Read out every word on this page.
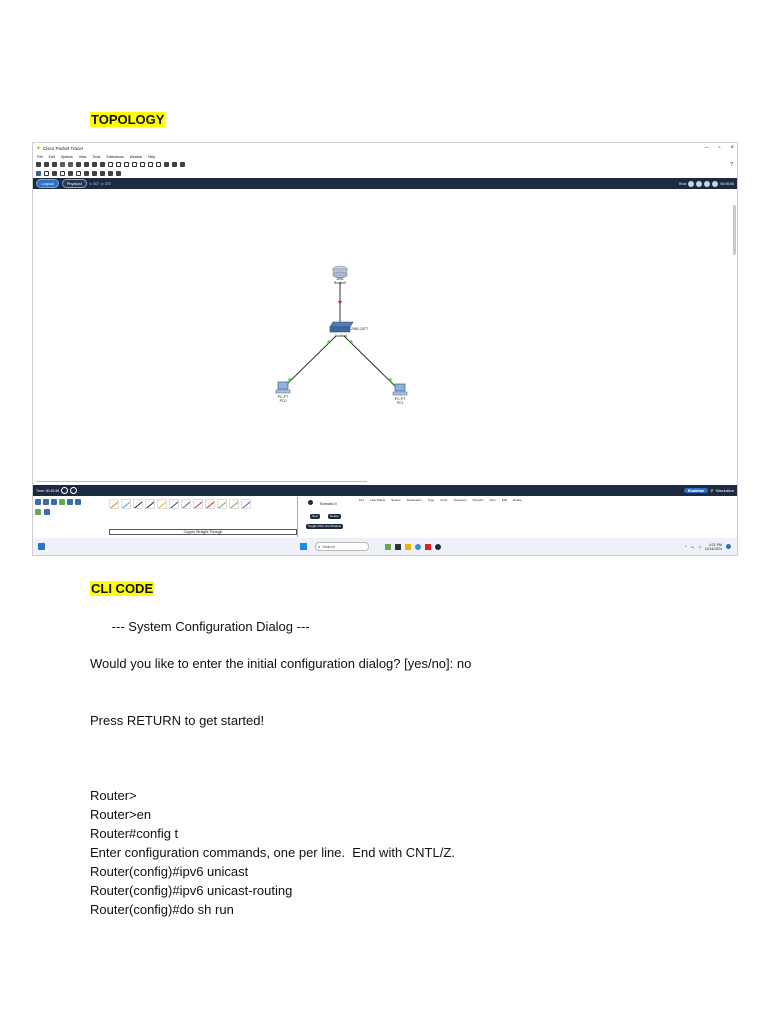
TOPOLOGY
✦ Cisco Packet Tracer	– ▫ ×
File Edit Options View Tools Extensions Window Help
?
Logical	Physical	x: 307, y: 370	Root	00:40:50
1941
Router0
2960-24TT
Switch0
PC-PT
PC0	PC-PT
PC1
Time: 00:10:56	Realtime	⚲ Simulation
Copper Straight-Through
Scenario 0
New	Delete
Toggle PDU List Window
Fire Last Status Source Destination Type Color Time(sec) Periodic Num Edit Delete
⌕ Search	^ ▭ ◁	4:21 PM
11/14/2024
CLI CODE
--- System Configuration Dialog ---
Would you like to enter the initial configuration dialog? [yes/no]: no
Press RETURN to get started!
Router>
Router>en
Router#config t
Enter configuration commands, one per line.  End with CNTL/Z.
Router(config)#ipv6 unicast
Router(config)#ipv6 unicast-routing
Router(config)#do sh run
